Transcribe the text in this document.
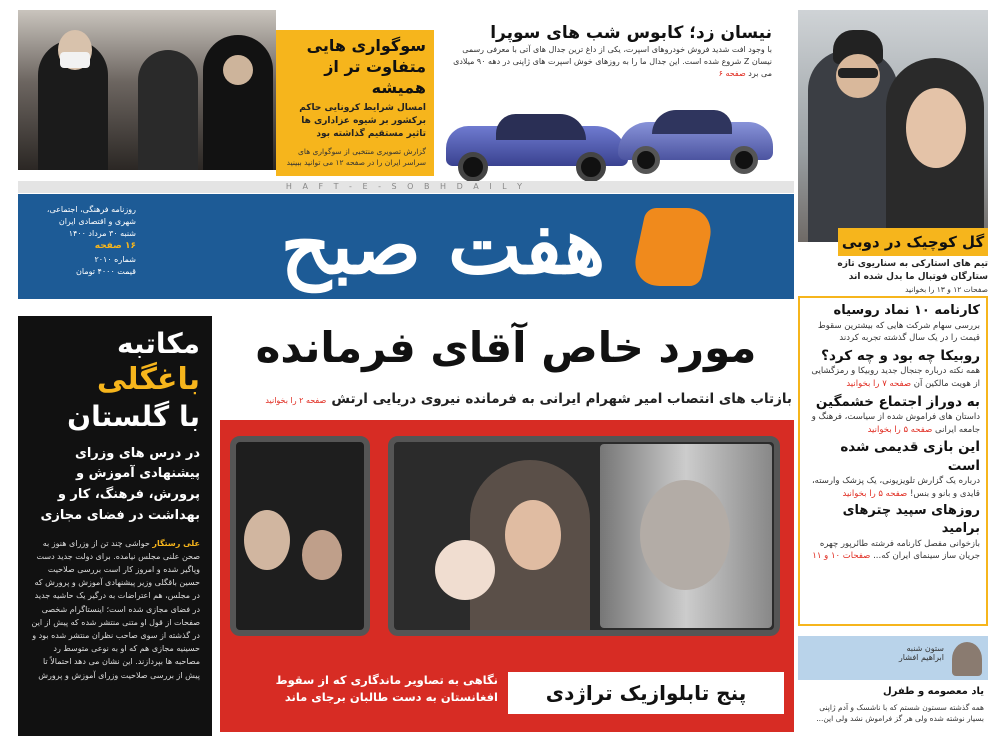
سوگواری هایی متفاوت تر از همیشه
امسال شرایط کرونایی حاکم برکشور بر شیوه عزاداری ها تاثیر مستقیم گذاشته بود
گزارش تصویری منتخبی از سوگواری های سراسر ایران را در صفحه ۱۲ می توانید ببینید
نیسان زد؛ کابوس شب های سوپرا
با وجود افت شدید فروش خودروهای اسپرت، یکی از داغ ترین جدال های آتی با معرفی رسمی نیسان Z شروع شده است. این جدال ما را به روزهای خوش اسپرت های ژاپنی در دهه ۹۰ میلادی می برد صفحه ۶
گل کوچیک در دوبی
تیم های استارکی به سناریوی تازه ستارگان فوتبال ما بدل شده اند
صفحات ۱۲ و ۱۳ را بخوانید
H A F T - E - S O B H D A I L Y
روزنامه فرهنگی، اجتماعی،
شهری و اقتصادی ایران
شنبه ۳۰ مرداد ۱۴۰۰
۱۶ صفحه
شماره ۲۰۱۰
قیمت ۴۰۰۰ تومان	هفت صبح
مورد خاص آقای فرمانده
بازتاب های انتصاب امیر شهرام ایرانی به فرمانده نیروی دریایی ارتش صفحه ۲ را بخوانید
پنج تابلوازیک تراژدی
نگاهی به تصاویر ماندگاری که از سقوط افغانستان به دست طالبان برجای ماند
مکاتبه
باغگلی
با گلستان
در درس های وزرای پیشنهادی آموزش و پرورش، فرهنگ، کار و بهداشت در فضای مجازی
علی رستگار حواشی چند تن از وزرای هنوز به صحن علنی مجلس نیامده. برای دولت جدید دست وپاگیر شده و امروز کار است بررسی صلاحیت حسین باقگلی وزیر پیشنهادی آموزش و پرورش که در مجلس، هم اعتراضات به درگیر یک حاشیه جدید در فضای مجازی شده است؛ اینستاگرام شخصی صفحات از قول او متنی منتشر شده که پیش از این در گذشته از سوی صاحب نظران منتشر شده بود و حسینیه مجازی هم که او به نوعی متوسط رد مصاحبه ها بپردازند. این نشان می دهد احتمالاً تا پیش از بررسی صلاحیت وزرای آموزش و پرورش
کارنامه ۱۰ نماد روسیاه
بررسی سهام شرکت هایی که بیشترین سقوط قیمت را در یک سال گذشته تجربه کردند
روبیکا چه بود و چه کرد؟
همه نکته درباره جنجال جدید روبیکا و رمزگشایی از هویت مالکین آن صفحه ۷ را بخوانید
به دوراز اجتماع خشمگین
داستان های فراموش شده از سیاست، فرهنگ و جامعه ایرانی صفحه ۵ را بخوانید
این بازی قدیمی شده است
درباره یک گزارش تلویزیونی، یک پزشک وارسته، قایدی و بانو و بنس! صفحه ۵ را بخوانید
روزهای سپید چترهای برامید
بازخوانی مفصل کارنامه فرشته طائرپور چهره جریان ساز سینمای ایران که... صفحات ۱۰ و ۱۱
ستون شنبه
ابراهیم افشار
یاد معصومه و طفرل
همه گذشته سستون شستم که با ناشسک و آدم ژاپنی بسیار نوشته شده ولی هر گز فراموش نشد ولی این...
